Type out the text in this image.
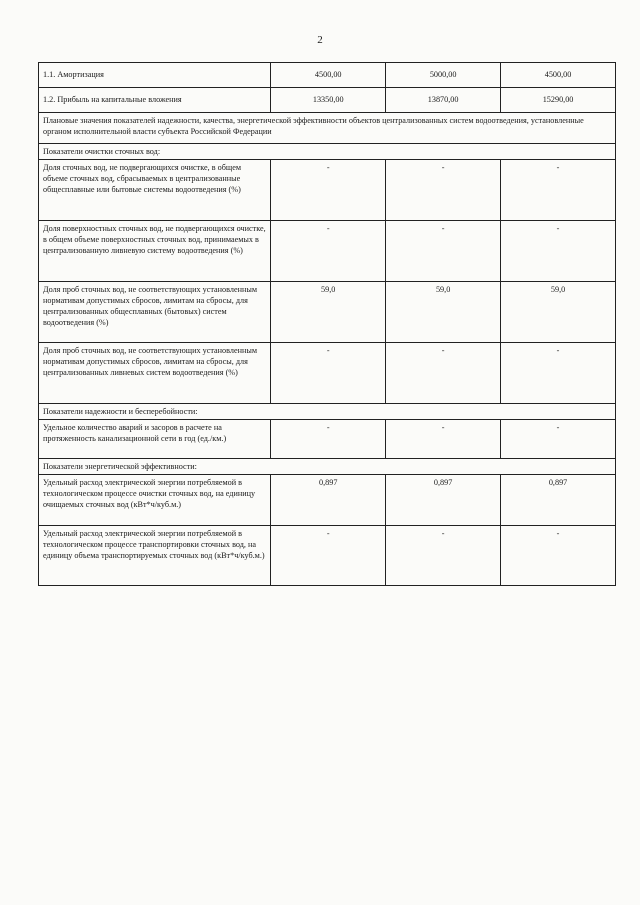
2
1.1. Амортизация	4500,00	5000,00	4500,00
1.2. Прибыль на капитальные вложения	13350,00	13870,00	15290,00
Плановые значения показателей надежности, качества, энергетической эффективности объектов централизованных систем водоотведения, установленные органом исполнительной власти субъекта Российской Федерации			
Показатели очистки сточных вод:			
Доля сточных вод, не подвергающихся очистке, в общем объеме сточных вод, сбрасываемых в централизованные общесплавные или бытовые системы водоотведения (%)	-	-	-
Доля поверхностных сточных вод, не подвергающихся очистке, в общем объеме поверхностных сточных вод, принимаемых в централизованную ливневую систему водоотведения (%)	-	-	-
Доля проб сточных вод, не соответствующих установленным нормативам допустимых сбросов, лимитам на сбросы, для централизованных общесплавных (бытовых) систем водоотведения (%)	59,0	59,0	59,0
Доля проб сточных вод, не соответствующих установленным нормативам допустимых сбросов, лимитам на сбросы, для централизованных ливневых систем водоотведения (%)	-	-	-
Показатели надежности и бесперебойности:			
Удельное количество аварий и засоров в расчете на протяженность канализационной сети в год (ед./км.)	-	-	-
Показатели энергетической эффективности:			
Удельный расход электрической энергии потребляемой в технологическом процессе очистки сточных вод, на единицу очищаемых сточных вод (кВт*ч/куб.м.)	0,897	0,897	0,897
Удельный расход электрической энергии потребляемой в технологическом процессе транспортировки сточных вод, на единицу объема транспортируемых сточных вод (кВт*ч/куб.м.)	-	-	-
